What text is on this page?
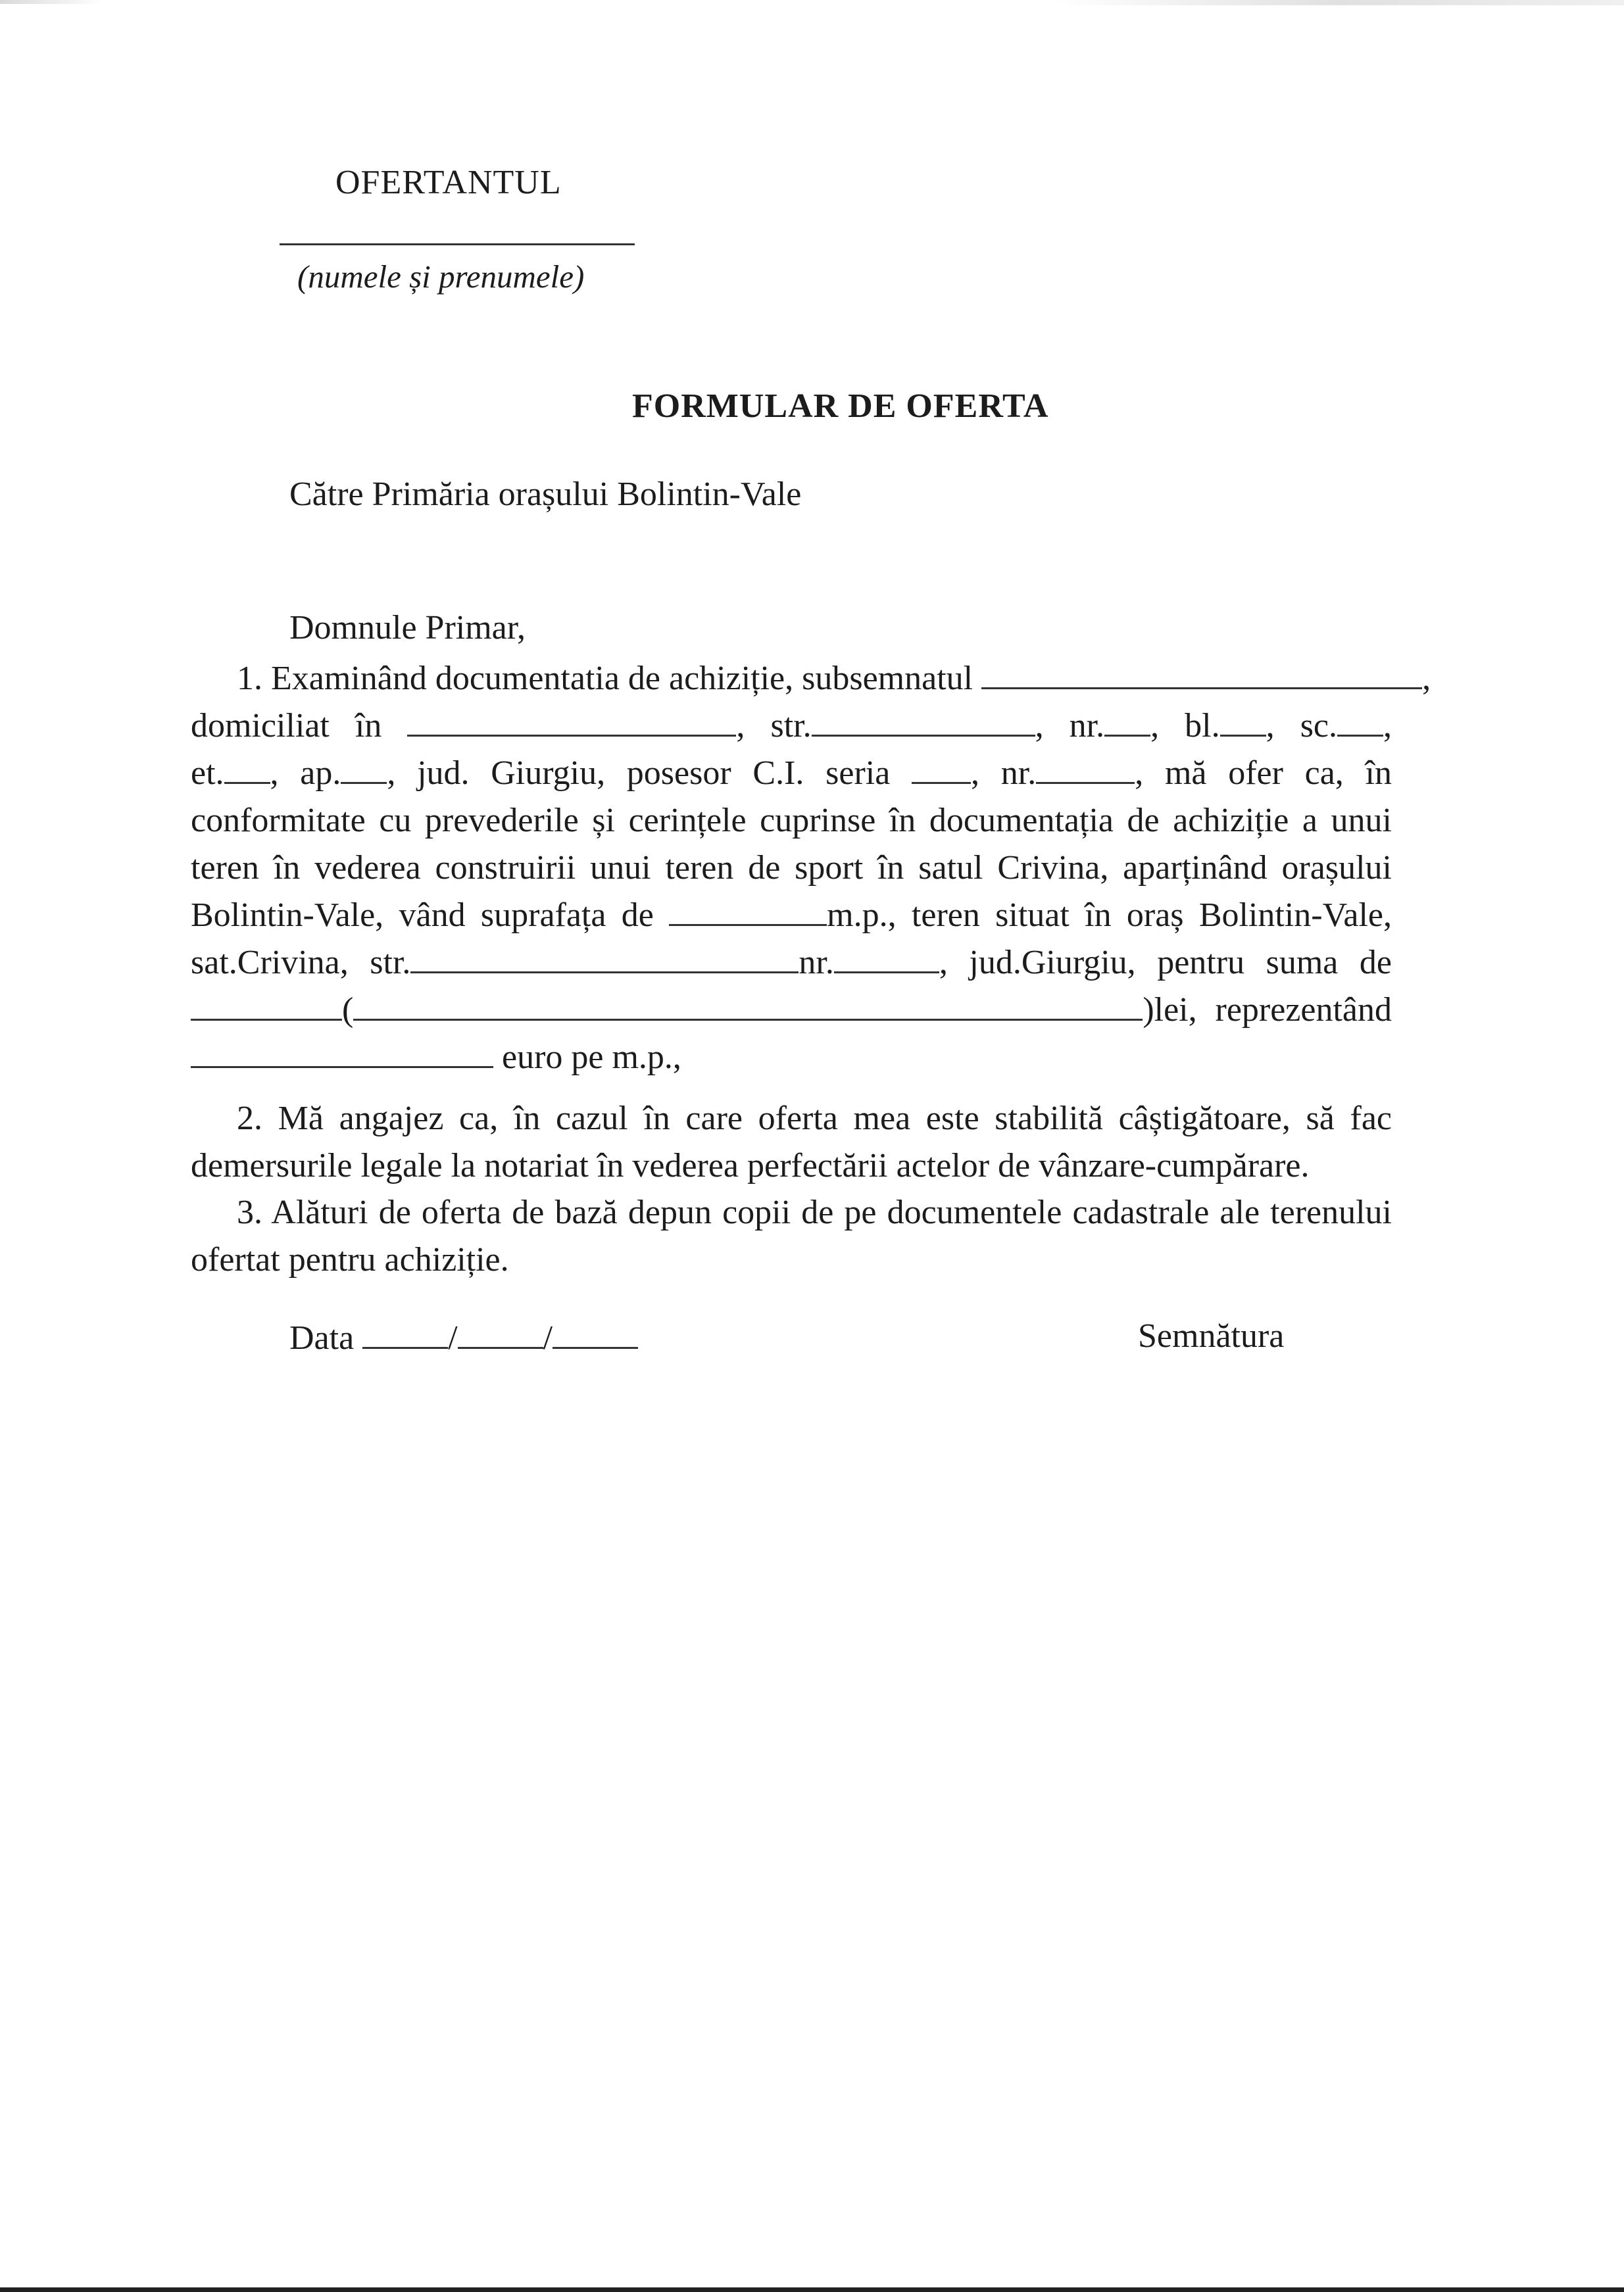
OFERTANTUL
(numele și prenumele)
FORMULAR DE OFERTA
Către Primăria orașului Bolintin-Vale
Domnule Primar,
1. Examinând documentatia de achiziție, subsemnatul	,
domiciliat în	, str.	, nr. , bl. , sc. ,
et. , ap. , jud. Giurgiu, posesor C.I. seria , nr.	, mă ofer ca, în
conformitate cu prevederile și cerințele cuprinse în documentația de achiziție a unui
teren în vederea construirii unui teren de sport în satul Crivina, aparținând orașului
Bolintin-Vale, vând suprafața de	m.p., teren situat în oraș Bolintin-Vale,
sat.Crivina, str.	nr.	, jud.Giurgiu, pentru suma de
(	)lei, reprezentând
euro pe m.p.,
2. Mă angajez ca, în cazul în care oferta mea este stabilită câștigătoare, să fac
demersurile legale la notariat în vederea perfectării actelor de vânzare-cumpărare.
3. Alături de oferta de bază depun copii de pe documentele cadastrale ale terenului
ofertat pentru achiziție.
Data	/	/	Semnătura
